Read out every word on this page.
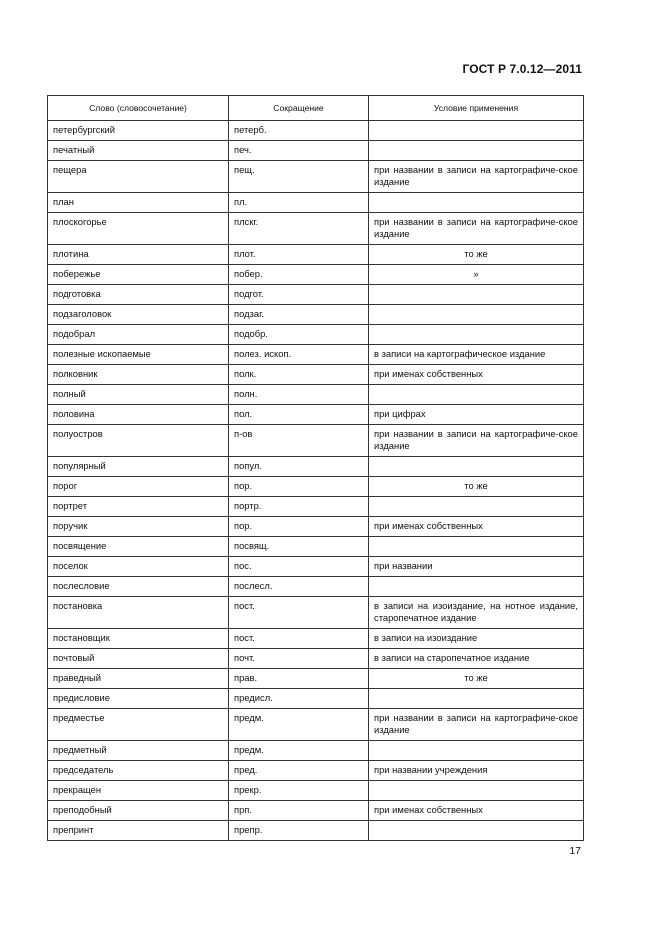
ГОСТ Р 7.0.12—2011
Слово (словосочетание)	Сокращение	Условие применения
петербургский	петерб.	
печатный	печ.	
пещера	пещ.	при названии в записи на картографиче-ское издание
план	пл.	
плоскогорье	плскг.	при названии в записи на картографиче-ское издание
плотина	плот.	то же
побережье	побер.	»
подготовка	подгот.	
подзаголовок	подзаг.	
подобрал	подобр.	
полезные ископаемые	полез. ископ.	в записи на картографическое издание
полковник	полк.	при именах собственных
полный	полн.	
половина	пол.	при цифрах
полуостров	п-ов	при названии в записи на картографиче-ское издание
популярный	попул.	
порог	пор.	то же
портрет	портр.	
поручик	пор.	при именах собственных
посвящение	посвящ.	
поселок	пос.	при названии
послесловие	послесл.	
постановка	пост.	в записи на изоиздание, на нотное издание, старопечатное издание
постановщик	пост.	в записи на изоиздание
почтовый	почт.	в записи на старопечатное издание
праведный	прав.	то же
предисловие	предисл.	
предместье	предм.	при названии в записи на картографиче-ское издание
предметный	предм.	
председатель	пред.	при названии учреждения
прекращен	прекр.	
преподобный	прп.	при именах собственных
препринт	препр.	
17
